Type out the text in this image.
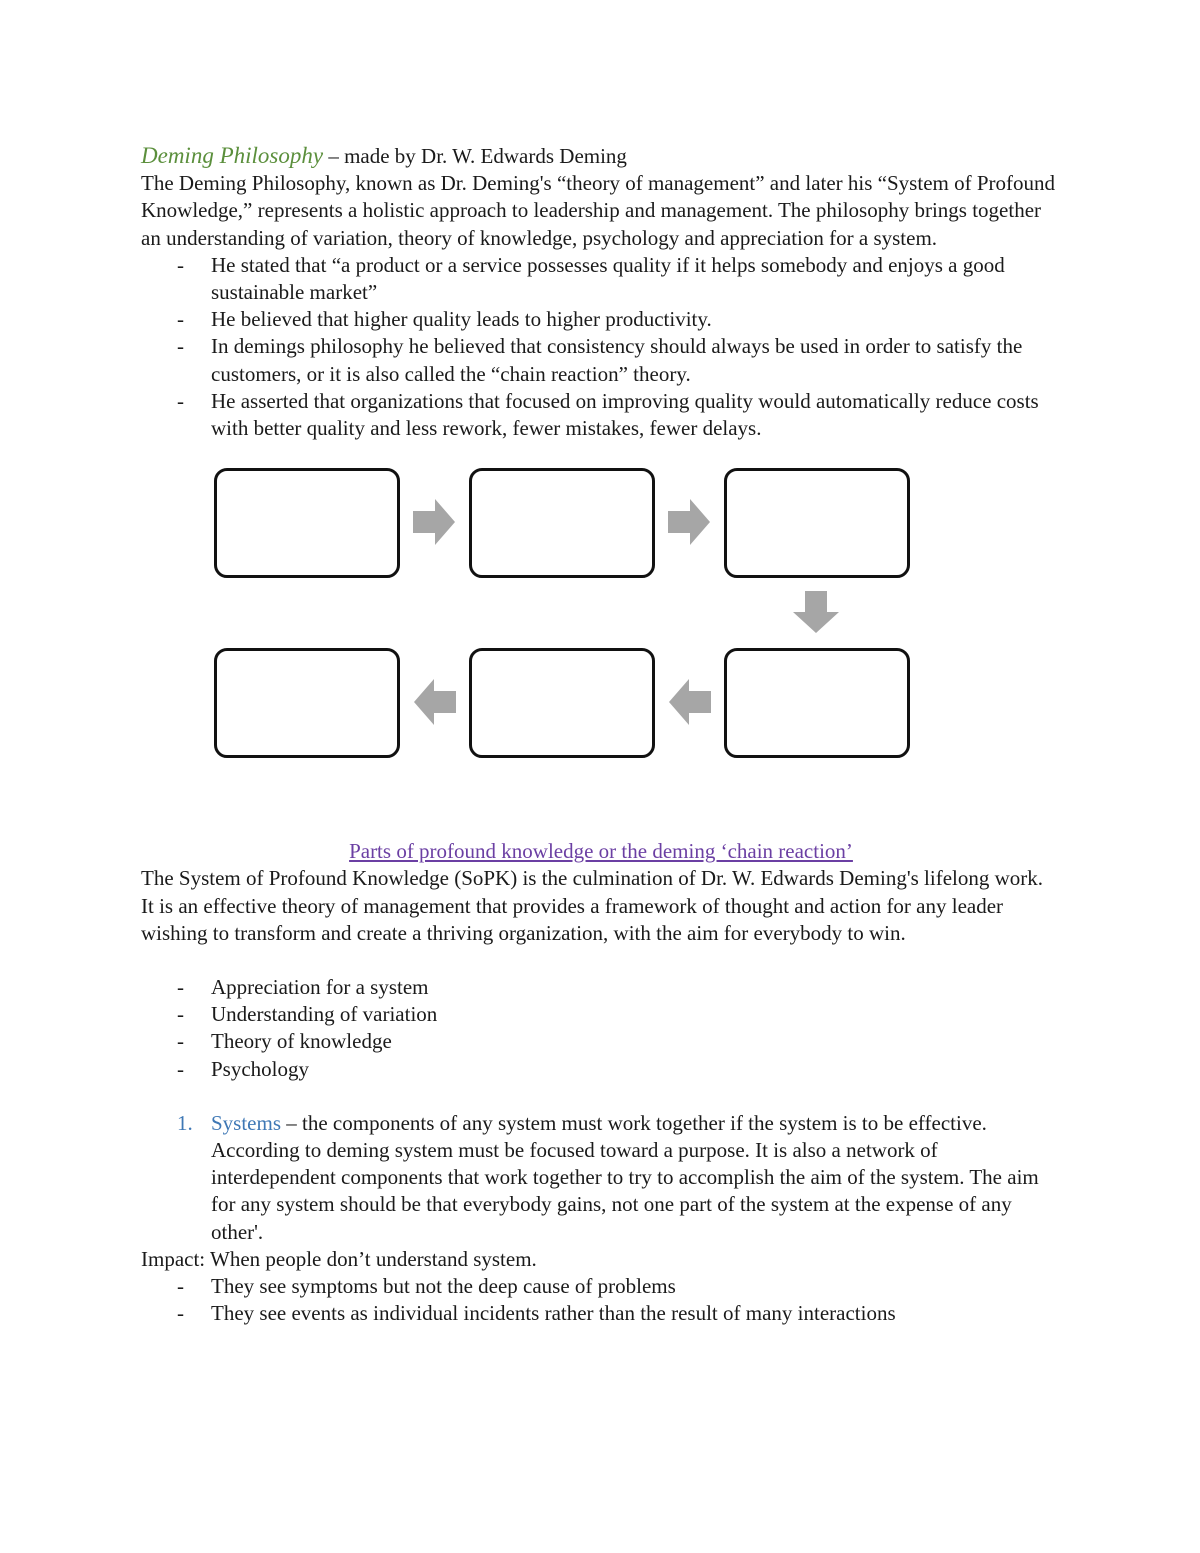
Deming Philosophy – made by Dr. W. Edwards Deming

The Deming Philosophy, known as Dr. Deming's “theory of management” and later his “System of Profound Knowledge,” represents a holistic approach to leadership and management. The philosophy brings together an understanding of variation, theory of knowledge, psychology and appreciation for a system.

- He stated that “a product or a service possesses quality if it helps somebody and enjoys a good sustainable market”
- He believed that higher quality leads to higher productivity.
- In demings philosophy he believed that consistency should always be used in order to satisfy the customers, or it is also called the “chain reaction” theory.
- He asserted that organizations that focused on improving quality would automatically reduce costs with better quality and less rework, fewer mistakes, fewer delays.

Parts of profound knowledge or the deming ‘chain reaction’

The System of Profound Knowledge (SoPK) is the culmination of Dr. W. Edwards Deming's lifelong work. It is an effective theory of management that provides a framework of thought and action for any leader wishing to transform and create a thriving organization, with the aim for everybody to win.

- Appreciation for a system
- Understanding of variation
- Theory of knowledge
- Psychology
1. Systems – the components of any system must work together if the system is to be effective. According to deming system must be focused toward a purpose. It is also a network of interdependent components that work together to try to accomplish the aim of the system. The aim for any system should be that everybody gains, not one part of the system at the expense of any other'.

Impact: When people don’t understand system.

- They see symptoms but not the deep cause of problems
- They see events as individual incidents rather than the result of many interactions
